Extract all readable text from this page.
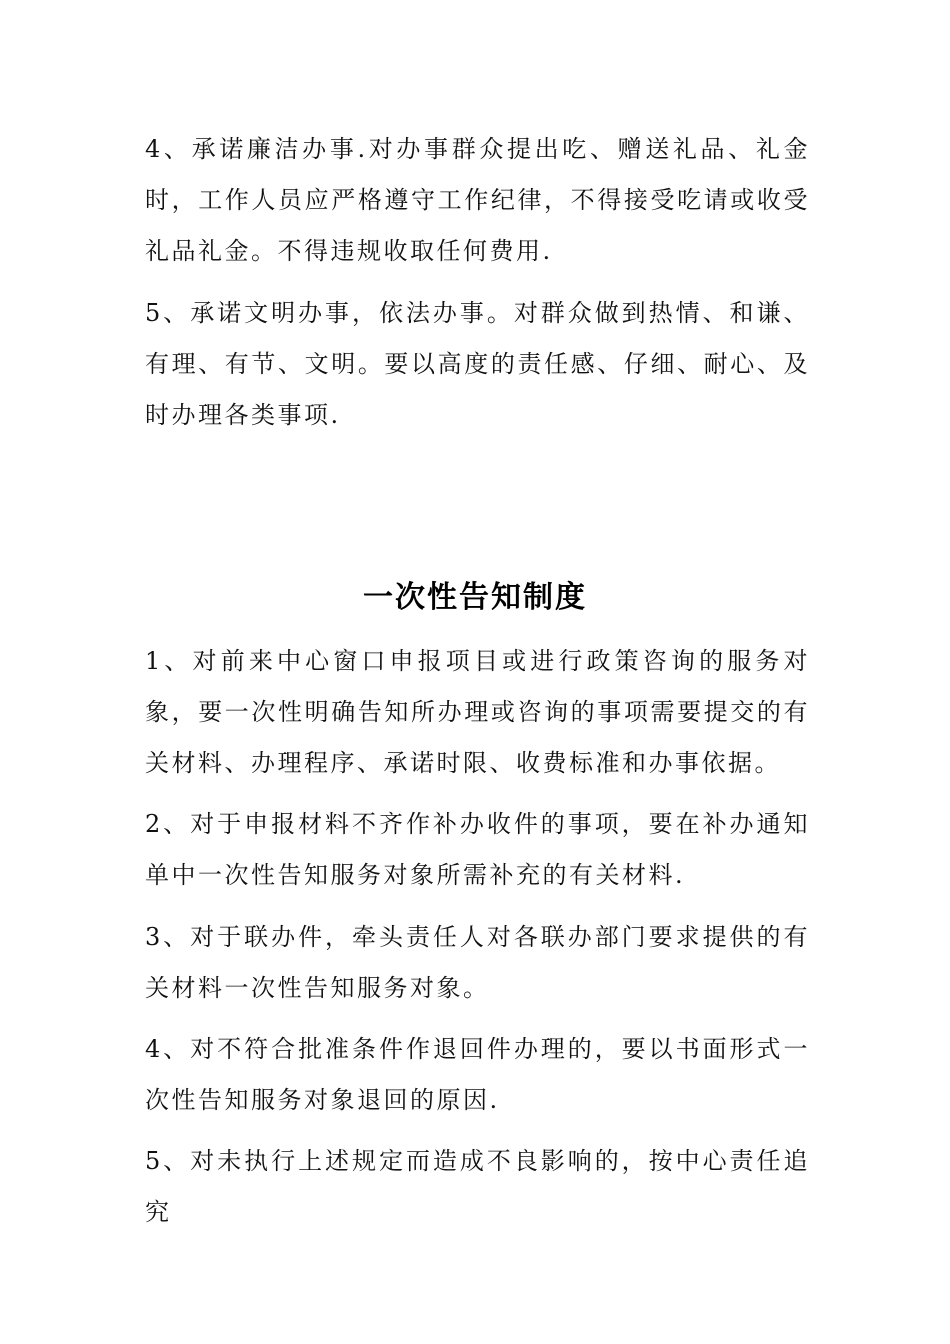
4、承诺廉洁办事.对办事群众提出吃、赠送礼品、礼金时，工作人员应严格遵守工作纪律，不得接受吃请或收受礼品礼金。不得违规收取任何费用.

5、承诺文明办事，依法办事。对群众做到热情、和谦、有理、有节、文明。要以高度的责任感、仔细、耐心、及时办理各类事项.

一次性告知制度

1、对前来中心窗口申报项目或进行政策咨询的服务对象，要一次性明确告知所办理或咨询的事项需要提交的有关材料、办理程序、承诺时限、收费标准和办事依据。

2、对于申报材料不齐作补办收件的事项，要在补办通知单中一次性告知服务对象所需补充的有关材料.

3、对于联办件，牵头责任人对各联办部门要求提供的有关材料一次性告知服务对象。

4、对不符合批准条件作退回件办理的，要以书面形式一次性告知服务对象退回的原因.

5、对未执行上述规定而造成不良影响的，按中心责任追究
